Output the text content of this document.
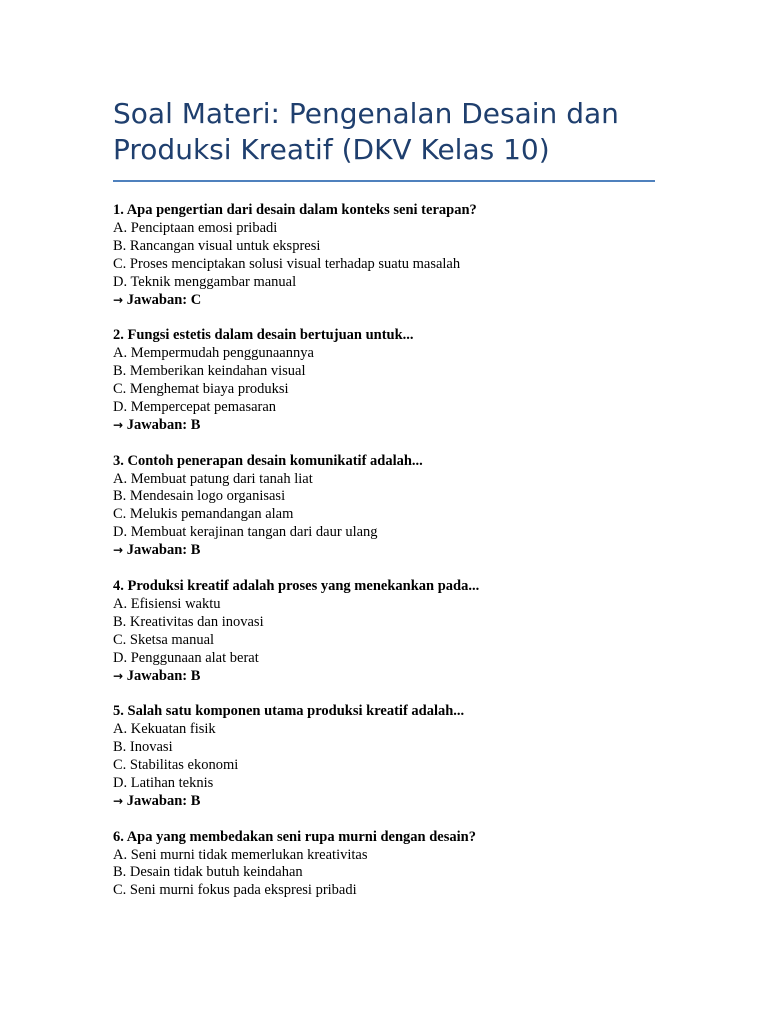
Soal Materi: Pengenalan Desain dan Produksi Kreatif (DKV Kelas 10)
1. Apa pengertian dari desain dalam konteks seni terapan?
A. Penciptaan emosi pribadi
B. Rancangan visual untuk ekspresi
C. Proses menciptakan solusi visual terhadap suatu masalah
D. Teknik menggambar manual
→ Jawaban: C
2. Fungsi estetis dalam desain bertujuan untuk...
A. Mempermudah penggunaannya
B. Memberikan keindahan visual
C. Menghemat biaya produksi
D. Mempercepat pemasaran
→ Jawaban: B
3. Contoh penerapan desain komunikatif adalah...
A. Membuat patung dari tanah liat
B. Mendesain logo organisasi
C. Melukis pemandangan alam
D. Membuat kerajinan tangan dari daur ulang
→ Jawaban: B
4. Produksi kreatif adalah proses yang menekankan pada...
A. Efisiensi waktu
B. Kreativitas dan inovasi
C. Sketsa manual
D. Penggunaan alat berat
→ Jawaban: B
5. Salah satu komponen utama produksi kreatif adalah...
A. Kekuatan fisik
B. Inovasi
C. Stabilitas ekonomi
D. Latihan teknis
→ Jawaban: B
6. Apa yang membedakan seni rupa murni dengan desain?
A. Seni murni tidak memerlukan kreativitas
B. Desain tidak butuh keindahan
C. Seni murni fokus pada ekspresi pribadi
